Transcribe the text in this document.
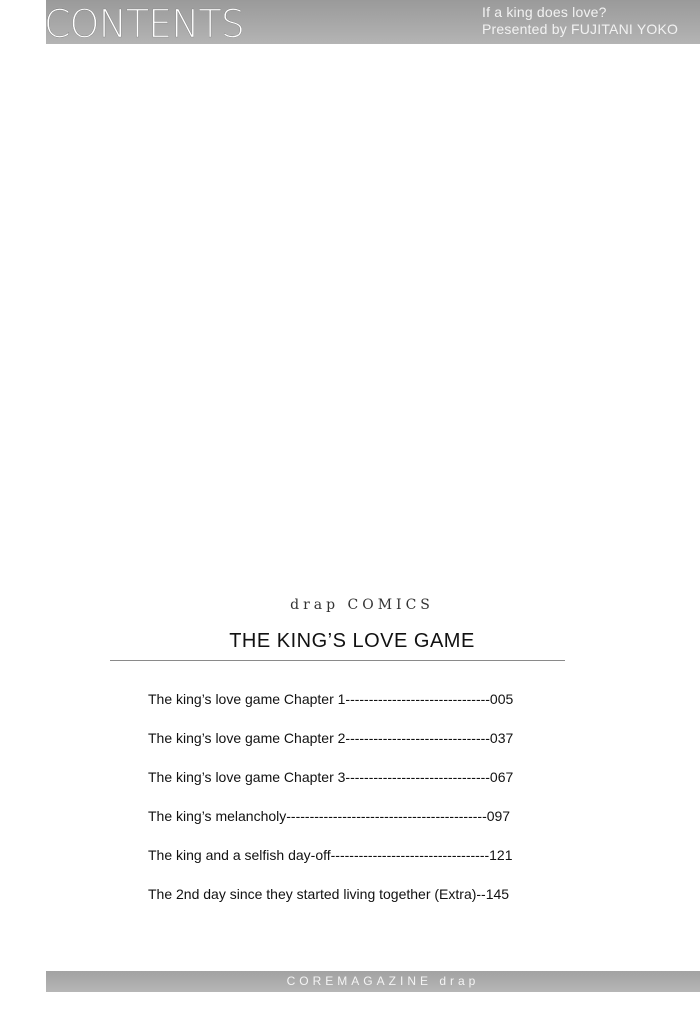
If a king does love?
Presented by FUJITANI YOKO
CONTENTS
drap COMICS
THE KING’S LOVE GAME
The king’s love game Chapter 1-------------------------------005
The king’s love game Chapter 2-------------------------------037
The king’s love game Chapter 3-------------------------------067
The king’s melancholy-------------------------------------------097
The king and a selfish day-off----------------------------------121
The 2nd day since they started living together (Extra)--145
COREMAGAZINE drap
